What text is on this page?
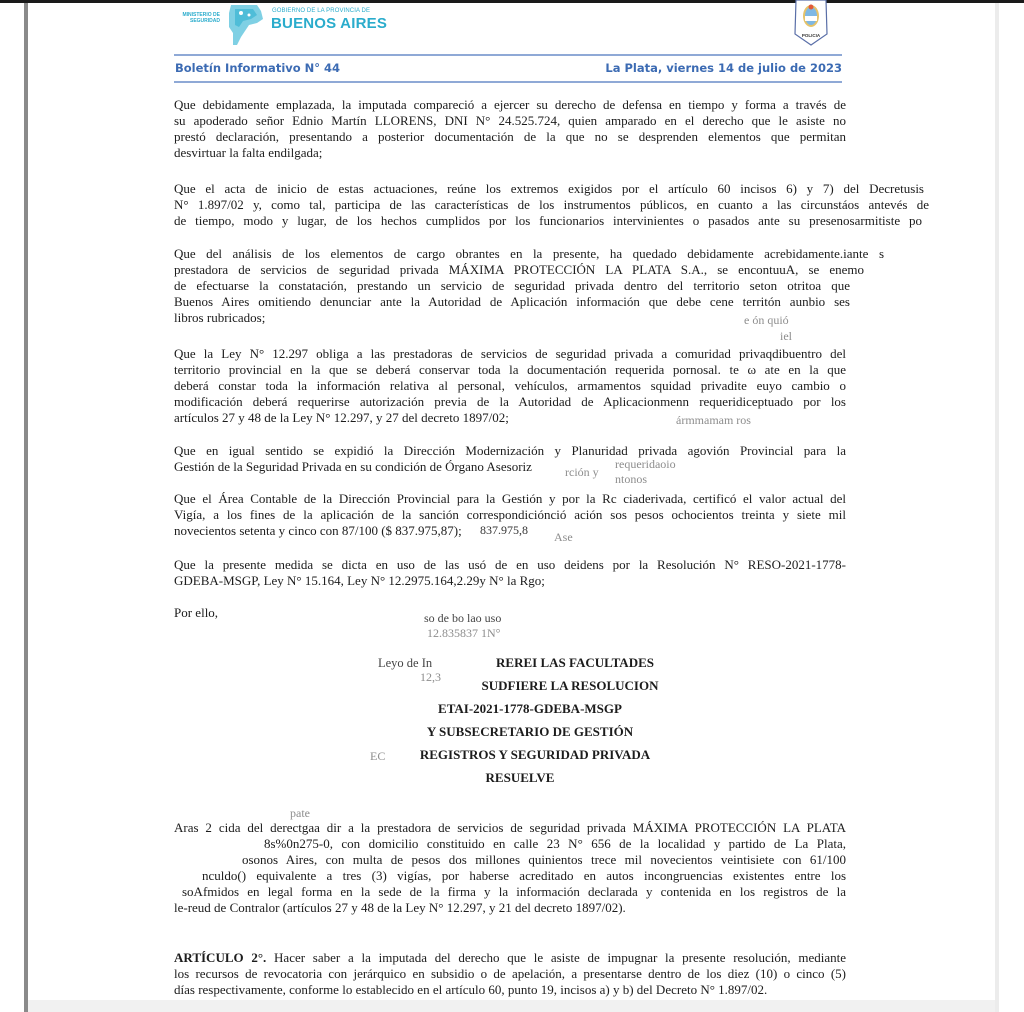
MINISTERIO DE SEGURIDAD
GOBIERNO DE LA PROVINCIA DE
BUENOS AIRES
POLICIA
Boletín Informativo N° 44	La Plata, viernes 14 de julio de 2023
Que debidamente emplazada, la imputada compareció a ejercer su derecho de defensa en tiempo y forma a través de
su apoderado señor Ednio Martín LLORENS, DNI N° 24.525.724, quien amparado en el derecho que le asiste no
prestó declaración, presentando a posterior documentación de la que no se desprenden elementos que permitan
desvirtuar la falta endilgada;
Que el acta de inicio de estas actuaciones, reúne los extremos exigidos por el artículo 60 incisos 6) y 7) del Decretusis
N° 1.897/02 y, como tal, participa de las características de los instrumentos públicos, en cuanto a las circunstáos antevés de
de tiempo, modo y lugar, de los hechos cumplidos por los funcionarios intervinientes o pasados ante su presenosarmitiste po
Que del análisis de los elementos de cargo obrantes en la presente, ha quedado debidamente acrebidamente.iante s
prestadora de servicios de seguridad privada MÁXIMA PROTECCIÓN LA PLATA S.A., se encontuuA, se enemo
de efectuarse la constatación, prestando un servicio de seguridad privada dentro del territorio seton otritoa que
Buenos Aires omitiendo denunciar ante la Autoridad de Aplicación información que debe cene territón aunbio ses
libros rubricados;	e ón quió
iel
Que la Ley N° 12.297 obliga a las prestadoras de servicios de seguridad privada a comuridad privaqdibuentro del
territorio provincial en la que se deberá conservar toda la documentación requerida pornosal. te ω ate en la que
deberá constar toda la información relativa al personal, vehículos, armamentos squidad privadite euyo cambio o
modificación deberá requerirse autorización previa de la Autoridad de Aplicacionmenn requeridiceptuado por los
artículos 27 y 48 de la Ley N° 12.297, y 27 del decreto 1897/02;	ármmamam ros
Que en igual sentido se expidió la Dirección Modernización y Planuridad privada agovión Provincial para la
Gestión de la Seguridad Privada en su condición de Órgano Asesoriz	rción y
requeridaoio
ntonos
Que el Área Contable de la Dirección Provincial para la Gestión y por la Rc ciaderivada, certificó el valor actual del
Vigía, a los fines de la aplicación de la sanción correspondiciónció ación sos pesos ochocientos treinta y siete mil
novecientos setenta y cinco con 87/100 ($ 837.975,87);	837.975,8 Ase
Que la presente medida se dicta en uso de las usó de en uso deidens por la Resolución N° RESO-2021-1778-
GDEBA-MSGP, Ley N° 15.164, Ley N° 12.2975.164,2.29y N° la Rgo;
Por ello,	so de bo lao uso
12.835837 1N°
Leyo de In
12,3
EC
REREI LAS FACULTADES
SUDFIERE LA RESOLUCION
ETAI-2021-1778-GDEBA-MSGP
Y SUBSECRETARIO DE GESTIÓN
REGISTROS Y SEGURIDAD PRIVADA
RESUELVE
pate
Aras 2 cida del derectgaa dir a la prestadora de servicios de seguridad privada MÁXIMA PROTECCIÓN LA PLATA
8s%0n275-0, con domicilio constituido en calle 23 N° 656 de la localidad y partido de La Plata,
osonos Aires, con multa de pesos dos millones quinientos trece mil novecientos veintisiete con 61/100
nculdo() equivalente a tres (3) vigías, por haberse acreditado en autos incongruencias existentes entre los
soAfmidos en legal forma en la sede de la firma y la información declarada y contenida en los registros de la
le-reud de Contralor (artículos 27 y 48 de la Ley N° 12.297, y 21 del decreto 1897/02).
ARTÍCULO 2°. Hacer saber a la imputada del derecho que le asiste de impugnar la presente resolución, mediante
los recursos de revocatoria con jerárquico en subsidio o de apelación, a presentarse dentro de los diez (10) o cinco (5)
días respectivamente, conforme lo establecido en el artículo 60, punto 19, incisos a) y b) del Decreto N° 1.897/02.
